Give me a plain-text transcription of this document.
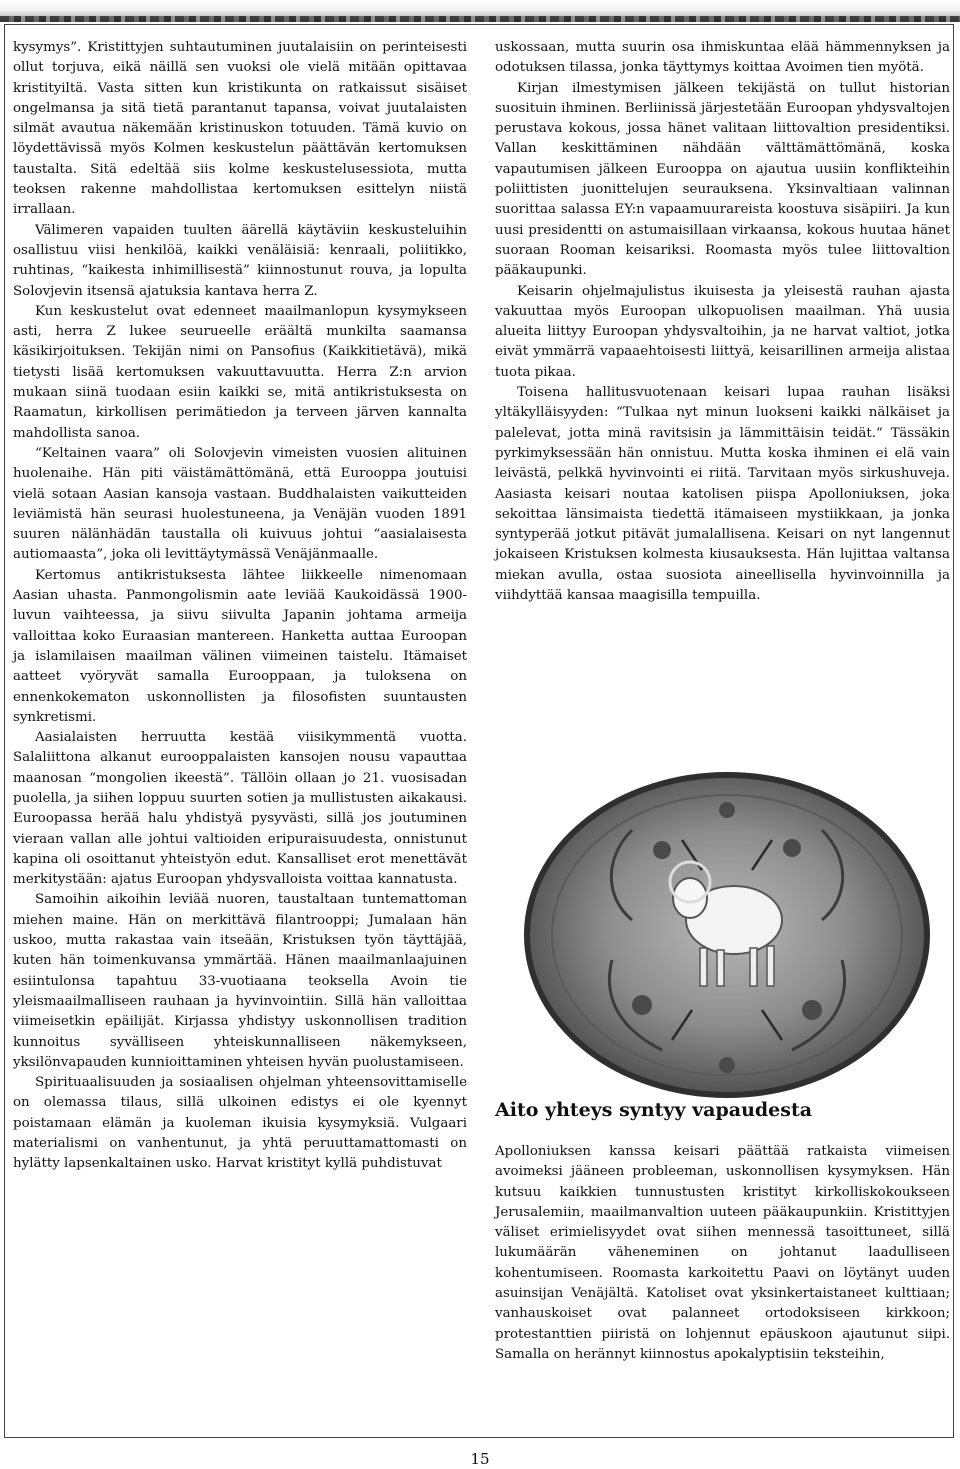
kysymys”. Kristittyjen suhtautuminen juutalaisiin on perinteisesti ollut torjuva, eikä näillä sen vuoksi ole vielä mitään opittavaa kristityiltä. Vasta sitten kun kristikunta on ratkaissut sisäiset ongelmansa ja sitä tietä parantanut tapansa, voivat juutalaisten silmät avautua näkemään kristinuskon totuuden. Tämä kuvio on löydettävissä myös Kolmen keskustelun päättävän kertomuksen taustalta. Sitä edeltää siis kolme keskustelusessiota, mutta teoksen rakenne mahdollistaa kertomuksen esittelyn niistä irrallaan.

Välimeren vapaiden tuulten äärellä käytäviin keskusteluihin osallistuu viisi henkilöä, kaikki venäläisiä: kenraali, poliitikko, ruhtinas, “kaikesta inhimillisestä” kiinnostunut rouva, ja lopulta Solovjevin itsensä ajatuksia kantava herra Z.

Kun keskustelut ovat edenneet maailmanlopun kysymykseen asti, herra Z lukee seurueelle eräältä munkilta saamansa käsikirjoituksen. Tekijän nimi on Pansofius (Kaikkitietävä), mikä tietysti lisää kertomuksen vakuuttavuutta. Herra Z:n arvion mukaan siinä tuodaan esiin kaikki se, mitä antikristuksesta on Raamatun, kirkollisen perimätiedon ja terveen järven kannalta mahdollista sanoa.

“Keltainen vaara” oli Solovjevin vimeisten vuosien alituinen huolenaihe. Hän piti väistämättömänä, että Eurooppa joutuisi vielä sotaan Aasian kansoja vastaan. Buddhalaisten vaikutteiden leviämistä hän seurasi huolestuneena, ja Venäjän vuoden 1891 suuren nälänhädän taustalla oli kuivuus johtui “aasialaisesta autiomaasta”, joka oli levittäytymässä Venäjänmaalle.

Kertomus antikristuksesta lähtee liikkeelle nimenomaan Aasian uhasta. Panmongolismin aate leviää Kaukoidässä 1900-luvun vaihteessa, ja siivu siivulta Japanin johtama armeija valloittaa koko Euraasian mantereen. Hanketta auttaa Euroopan ja islamilaisen maailman välinen viimeinen taistelu. Itämaiset aatteet vyöryvät samalla Eurooppaan, ja tuloksena on ennenkokematon uskonnollisten ja filosofisten suuntausten synkretismi.

Aasialaisten herruutta kestää viisikymmentä vuotta. Salaliittona alkanut eurooppalaisten kansojen nousu vapauttaa maanosan “mongolien ikeestä”. Tällöin ollaan jo 21. vuosisadan puolella, ja siihen loppuu suurten sotien ja mullistusten aikakausi. Euroopassa herää halu yhdistyä pysyvästi, sillä jos joutuminen vieraan vallan alle johtui valtioiden eripuraisuudesta, onnistunut kapina oli osoittanut yhteistyön edut. Kansalliset erot menettävät merkitystään: ajatus Euroopan yhdysvalloista voittaa kannatusta.

Samoihin aikoihin leviää nuoren, taustaltaan tuntemattoman miehen maine. Hän on merkittävä filantrooppi; Jumalaan hän uskoo, mutta rakastaa vain itseään, Kristuksen työn täyttäjää, kuten hän toimenkuvansa ymmärtää. Hänen maailmanlaajuinen esiintulonsa tapahtuu 33-vuotiaana teoksella Avoin tie yleismaailmalliseen rauhaan ja hyvinvointiin. Sillä hän valloittaa viimeisetkin epäilijät. Kirjassa yhdistyy uskonnollisen tradition kunnoitus syvälliseen yhteiskunnalliseen näkemykseen, yksilönvapauden kunnioittaminen yhteisen hyvän puolustamiseen.

Spirituaalisuuden ja sosiaalisen ohjelman yhteensovittamiselle on olemassa tilaus, sillä ulkoinen edistys ei ole kyennyt poistamaan elämän ja kuoleman ikuisia kysymyksiä. Vulgaari materialismi on vanhentunut, ja yhtä peruuttamattomasti on hylätty lapsenkaltainen usko. Harvat kristityt kyllä puhdistuvat

uskossaan, mutta suurin osa ihmiskuntaa elää hämmennyksen ja odotuksen tilassa, jonka täyttymys koittaa Avoimen tien myötä.

Kirjan ilmestymisen jälkeen tekijästä on tullut historian suosituin ihminen. Berliinissä järjestetään Euroopan yhdysvaltojen perustava kokous, jossa hänet valitaan liittovaltion presidentiksi. Vallan keskittäminen nähdään välttämättömänä, koska vapautumisen jälkeen Eurooppa on ajautua uusiin konflikteihin poliittisten juonittelujen seurauksena. Yksinvaltiaan valinnan suorittaa salassa EY:n vapaamuurareista koostuva sisäpiiri. Ja kun uusi presidentti on astumaisillaan virkaansa, kokous huutaa hänet suoraan Rooman keisariksi. Roomasta myös tulee liittovaltion pääkaupunki.

Keisarin ohjelmajulistus ikuisesta ja yleisestä rauhan ajasta vakuuttaa myös Euroopan ulkopuolisen maailman. Yhä uusia alueita liittyy Euroopan yhdysvaltoihin, ja ne harvat valtiot, jotka eivät ymmärrä vapaaehtoisesti liittyä, keisarillinen armeija alistaa tuota pikaa.

Toisena hallitusvuotenaan keisari lupaa rauhan lisäksi yltäkylläisyyden: “Tulkaa nyt minun luokseni kaikki nälkäiset ja palelevat, jotta minä ravitsisin ja lämmittäisin teidät.” Tässäkin pyrkimyksessään hän onnistuu. Mutta koska ihminen ei elä vain leivästä, pelkkä hyvinvointi ei riitä. Tarvitaan myös sirkushuveja. Aasiasta keisari noutaa katolisen piispa Apolloniuksen, joka sekoittaa länsimaista tiedettä itämaiseen mystiikkaan, ja jonka syntyperää jotkut pitävät jumalallisena. Keisari on nyt langennut jokaiseen Kristuksen kolmesta kiusauksesta. Hän lujittaa valtansa miekan avulla, ostaa suosiota aineellisella hyvinvoinnilla ja viihdyttää kansaa maagisilla tempuilla.

Aito yhteys syntyy vapaudesta

Apolloniuksen kanssa keisari päättää ratkaista viimeisen avoimeksi jääneen probleeman, uskonnollisen kysymyksen. Hän kutsuu kaikkien tunnustusten kristityt kirkolliskokoukseen Jerusalemiin, maailmanvaltion uuteen pääkaupunkiin. Kristittyjen väliset erimielisyydet ovat siihen mennessä tasoittuneet, sillä lukumäärän väheneminen on johtanut laadulliseen kohentumiseen. Roomasta karkoitettu Paavi on löytänyt uuden asuinsijan Venäjältä. Katoliset ovat yksinkertaistaneet kulttiaan; vanhauskoiset ovat palanneet ortodoksiseen kirkkoon; protestanttien piiristä on lohjennut epäuskoon ajautunut siipi. Samalla on herännyt kiinnostus apokalyptisiin teksteihin,

15
